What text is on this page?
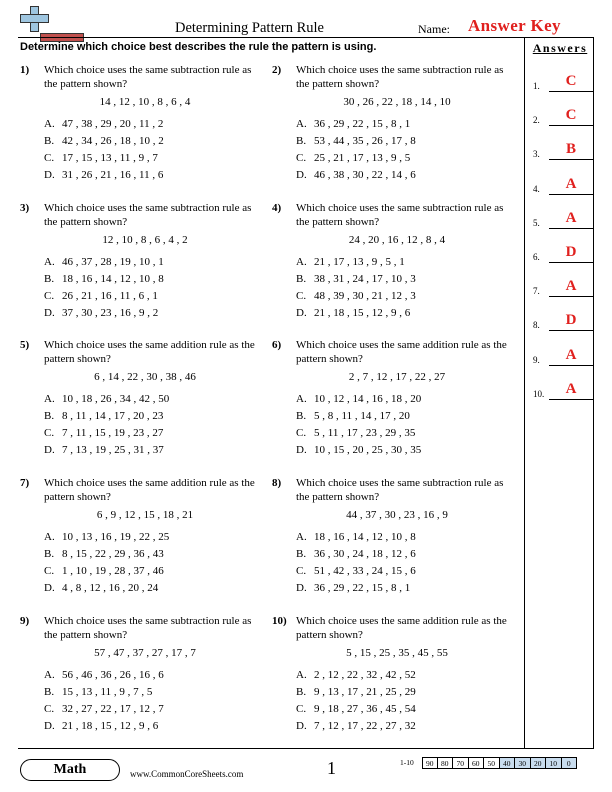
Determining Pattern Rule	Name: Answer Key
Determine which choice best describes the rule the pattern is using.	Answers
1.	C
2.	C
3.	B
4.	A
5.	A
6.	D
7.	A
8.	D
9.	A
10.	A
1) Which choice uses the same subtraction rule as the pattern shown?
14 , 12 , 10 , 8 , 6 , 4
A. 47 , 38 , 29 , 20 , 11 , 2
B. 42 , 34 , 26 , 18 , 10 , 2
C. 17 , 15 , 13 , 11 , 9 , 7
D. 31 , 26 , 21 , 16 , 11 , 6
2) Which choice uses the same subtraction rule as the pattern shown?
30 , 26 , 22 , 18 , 14 , 10
A. 36 , 29 , 22 , 15 , 8 , 1
B. 53 , 44 , 35 , 26 , 17 , 8
C. 25 , 21 , 17 , 13 , 9 , 5
D. 46 , 38 , 30 , 22 , 14 , 6
3) Which choice uses the same subtraction rule as the pattern shown?
12 , 10 , 8 , 6 , 4 , 2
A. 46 , 37 , 28 , 19 , 10 , 1
B. 18 , 16 , 14 , 12 , 10 , 8
C. 26 , 21 , 16 , 11 , 6 , 1
D. 37 , 30 , 23 , 16 , 9 , 2
4) Which choice uses the same subtraction rule as the pattern shown?
24 , 20 , 16 , 12 , 8 , 4
A. 21 , 17 , 13 , 9 , 5 , 1
B. 38 , 31 , 24 , 17 , 10 , 3
C. 48 , 39 , 30 , 21 , 12 , 3
D. 21 , 18 , 15 , 12 , 9 , 6
5) Which choice uses the same addition rule as the pattern shown?
6 , 14 , 22 , 30 , 38 , 46
A. 10 , 18 , 26 , 34 , 42 , 50
B. 8 , 11 , 14 , 17 , 20 , 23
C. 7 , 11 , 15 , 19 , 23 , 27
D. 7 , 13 , 19 , 25 , 31 , 37
6) Which choice uses the same addition rule as the pattern shown?
2 , 7 , 12 , 17 , 22 , 27
A. 10 , 12 , 14 , 16 , 18 , 20
B. 5 , 8 , 11 , 14 , 17 , 20
C. 5 , 11 , 17 , 23 , 29 , 35
D. 10 , 15 , 20 , 25 , 30 , 35
7) Which choice uses the same addition rule as the pattern shown?
6 , 9 , 12 , 15 , 18 , 21
A. 10 , 13 , 16 , 19 , 22 , 25
B. 8 , 15 , 22 , 29 , 36 , 43
C. 1 , 10 , 19 , 28 , 37 , 46
D. 4 , 8 , 12 , 16 , 20 , 24
8) Which choice uses the same subtraction rule as the pattern shown?
44 , 37 , 30 , 23 , 16 , 9
A. 18 , 16 , 14 , 12 , 10 , 8
B. 36 , 30 , 24 , 18 , 12 , 6
C. 51 , 42 , 33 , 24 , 15 , 6
D. 36 , 29 , 22 , 15 , 8 , 1
9) Which choice uses the same subtraction rule as the pattern shown?
57 , 47 , 37 , 27 , 17 , 7
A. 56 , 46 , 36 , 26 , 16 , 6
B. 15 , 13 , 11 , 9 , 7 , 5
C. 32 , 27 , 22 , 17 , 12 , 7
D. 21 , 18 , 15 , 12 , 9 , 6
10) Which choice uses the same addition rule as the pattern shown?
5 , 15 , 25 , 35 , 45 , 55
A. 2 , 12 , 22 , 32 , 42 , 52
B. 9 , 13 , 17 , 21 , 25 , 29
C. 9 , 18 , 27 , 36 , 45 , 54
D. 7 , 12 , 17 , 22 , 27 , 32
Math	www.CommonCoreSheets.com	1	1-10	90	80	70	60	50	40	30	20	10	0
